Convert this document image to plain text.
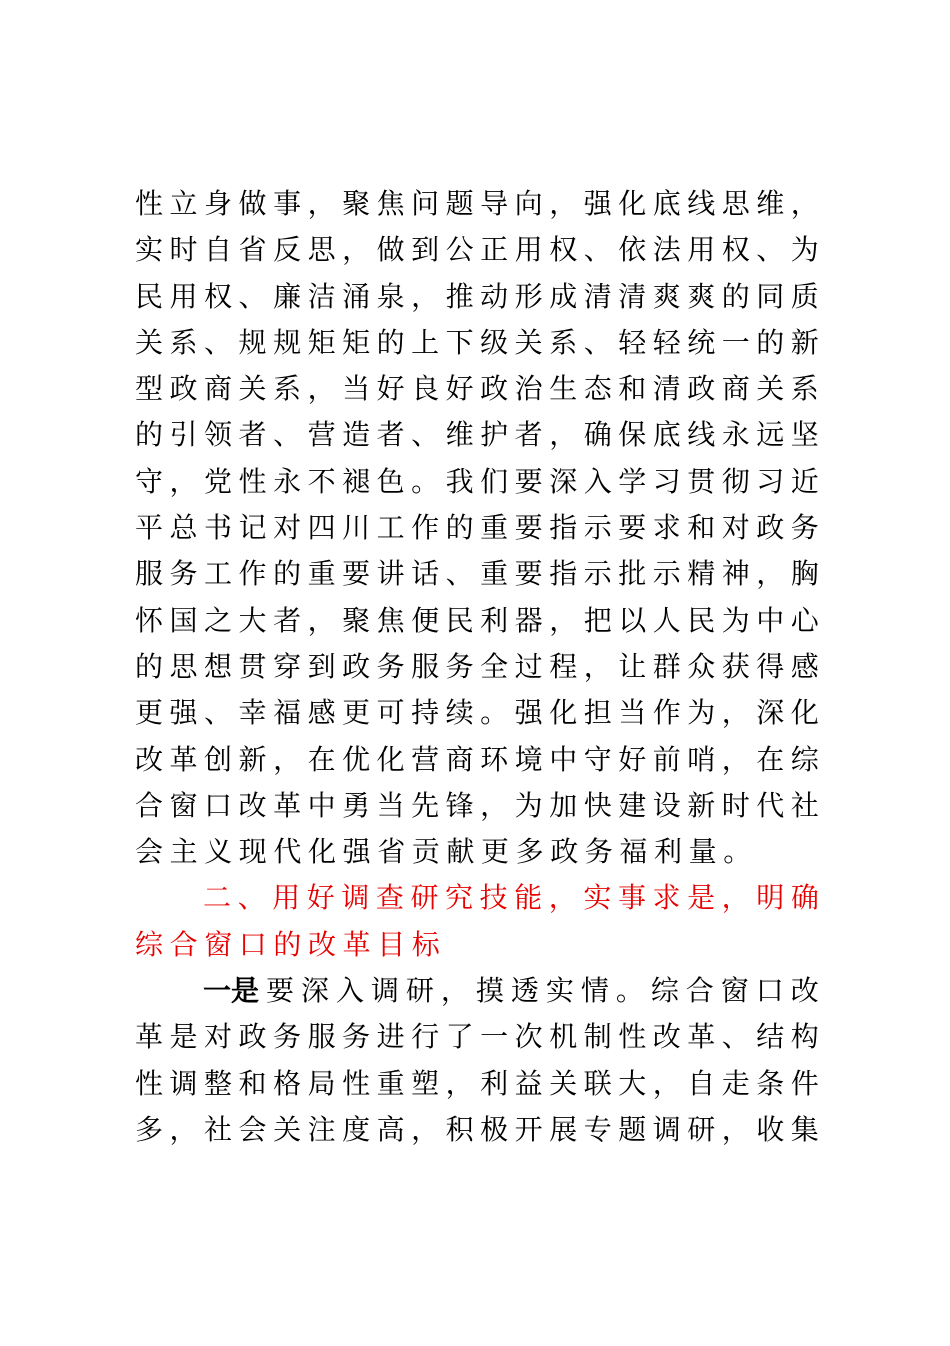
性 立 身 做 事 ， 聚 焦 问 题 导 向 ， 强 化 底 线 思 维 ，
实 时 自 省 反 思 ， 做 到 公 正 用 权 、 依 法 用 权 、 为
民 用 权 、 廉 洁 涌 泉 ， 推 动 形 成 清 清 爽 爽 的 同 质
关 系 、 规 规 矩 矩 的 上 下 级 关 系 、 轻 轻 统 一 的 新
型 政 商 关 系 ， 当 好 良 好 政 治 生 态 和 清 政 商 关 系
的 引 领 者 、 营 造 者 、 维 护 者 ， 确 保 底 线 永 远 坚
守 ， 党 性 永 不 褪 色 。 我 们 要 深 入 学 习 贯 彻 习 近
平 总 书 记 对 四 川 工 作 的 重 要 指 示 要 求 和 对 政 务
服 务 工 作 的 重 要 讲 话 、 重 要 指 示 批 示 精 神 ， 胸
怀 国 之 大 者 ， 聚 焦 便 民 利 器 ， 把 以 人 民 为 中 心
的 思 想 贯 穿 到 政 务 服 务 全 过 程 ， 让 群 众 获 得 感
更 强 、 幸 福 感 更 可 持 续 。 强 化 担 当 作 为 ， 深 化
改 革 创 新 ， 在 优 化 营 商 环 境 中 守 好 前 哨 ， 在 综
合 窗 口 改 革 中 勇 当 先 锋 ， 为 加 快 建 设 新 时 代 社
会主义现代化强省贡献更多政务福利量。
二 、 用 好 调 查 研 究 技 能 ， 实 事 求 是 ， 明 确
综合窗口的改革目标
一是 要 深 入 调 研 ， 摸 透 实 情 。 综 合 窗 口 改
革 是 对 政 务 服 务 进 行 了 一 次 机 制 性 改 革 、 结 构
性 调 整 和 格 局 性 重 塑 ， 利 益 关 联 大 ， 自 走 条 件
多 ， 社 会 关 注 度 高 ， 积 极 开 展 专 题 调 研 ， 收 集
